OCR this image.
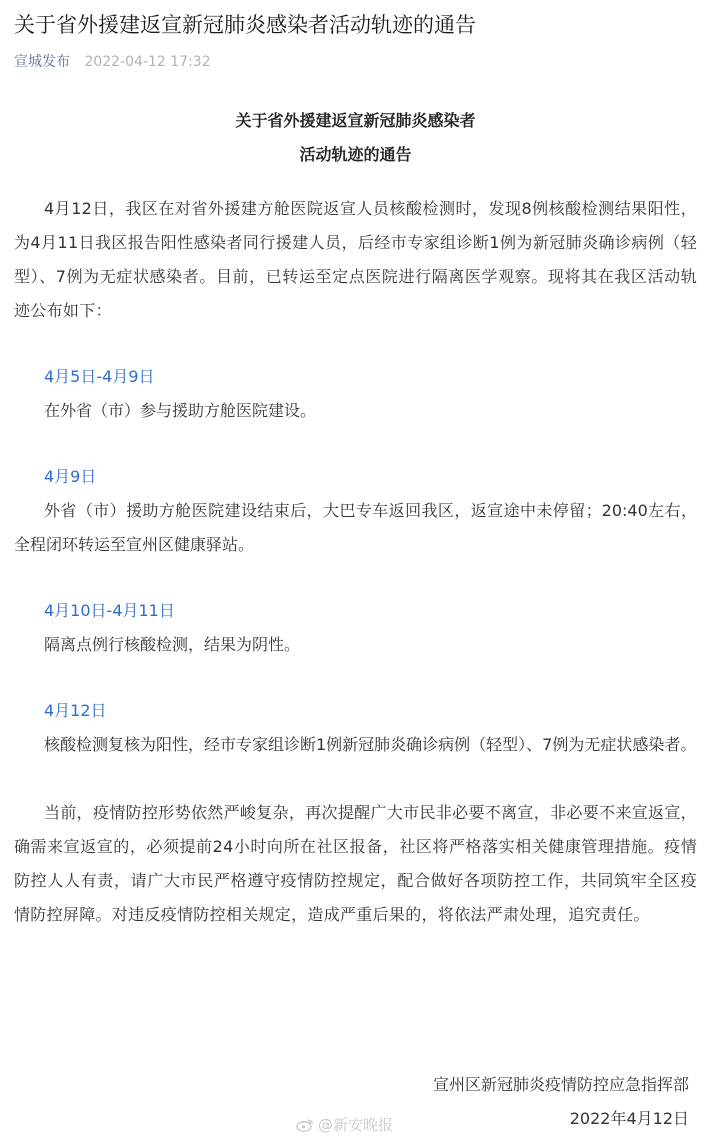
关于省外援建返宣新冠肺炎感染者活动轨迹的通告
宣城发布 2022-04-12 17:32
关于省外援建返宣新冠肺炎感染者
活动轨迹的通告

4月12日，我区在对省外援建方舱医院返宣人员核酸检测时，发现8例核酸检测结果阳性，为4月11日我区报告阳性感染者同行援建人员，后经市专家组诊断1例为新冠肺炎确诊病例（轻型）、7例为无症状感染者。目前，已转运至定点医院进行隔离医学观察。现将其在我区活动轨迹公布如下：

4月5日-4月9日

在外省（市）参与援助方舱医院建设。

4月9日

外省（市）援助方舱医院建设结束后，大巴专车返回我区，返宣途中未停留；20:40左右，全程闭环转运至宣州区健康驿站。

4月10日-4月11日

隔离点例行核酸检测，结果为阴性。

4月12日

核酸检测复核为阳性，经市专家组诊断1例新冠肺炎确诊病例（轻型）、7例为无症状感染者。

当前，疫情防控形势依然严峻复杂，再次提醒广大市民非必要不离宣，非必要不来宣返宣，确需来宣返宣的，必须提前24小时向所在社区报备，社区将严格落实相关健康管理措施。疫情防控人人有责，请广大市民严格遵守疫情防控规定，配合做好各项防控工作，共同筑牢全区疫情防控屏障。对违反疫情防控相关规定，造成严重后果的，将依法严肃处理，追究责任。

宣州区新冠肺炎疫情防控应急指挥部
2022年4月12日
@新安晚报
